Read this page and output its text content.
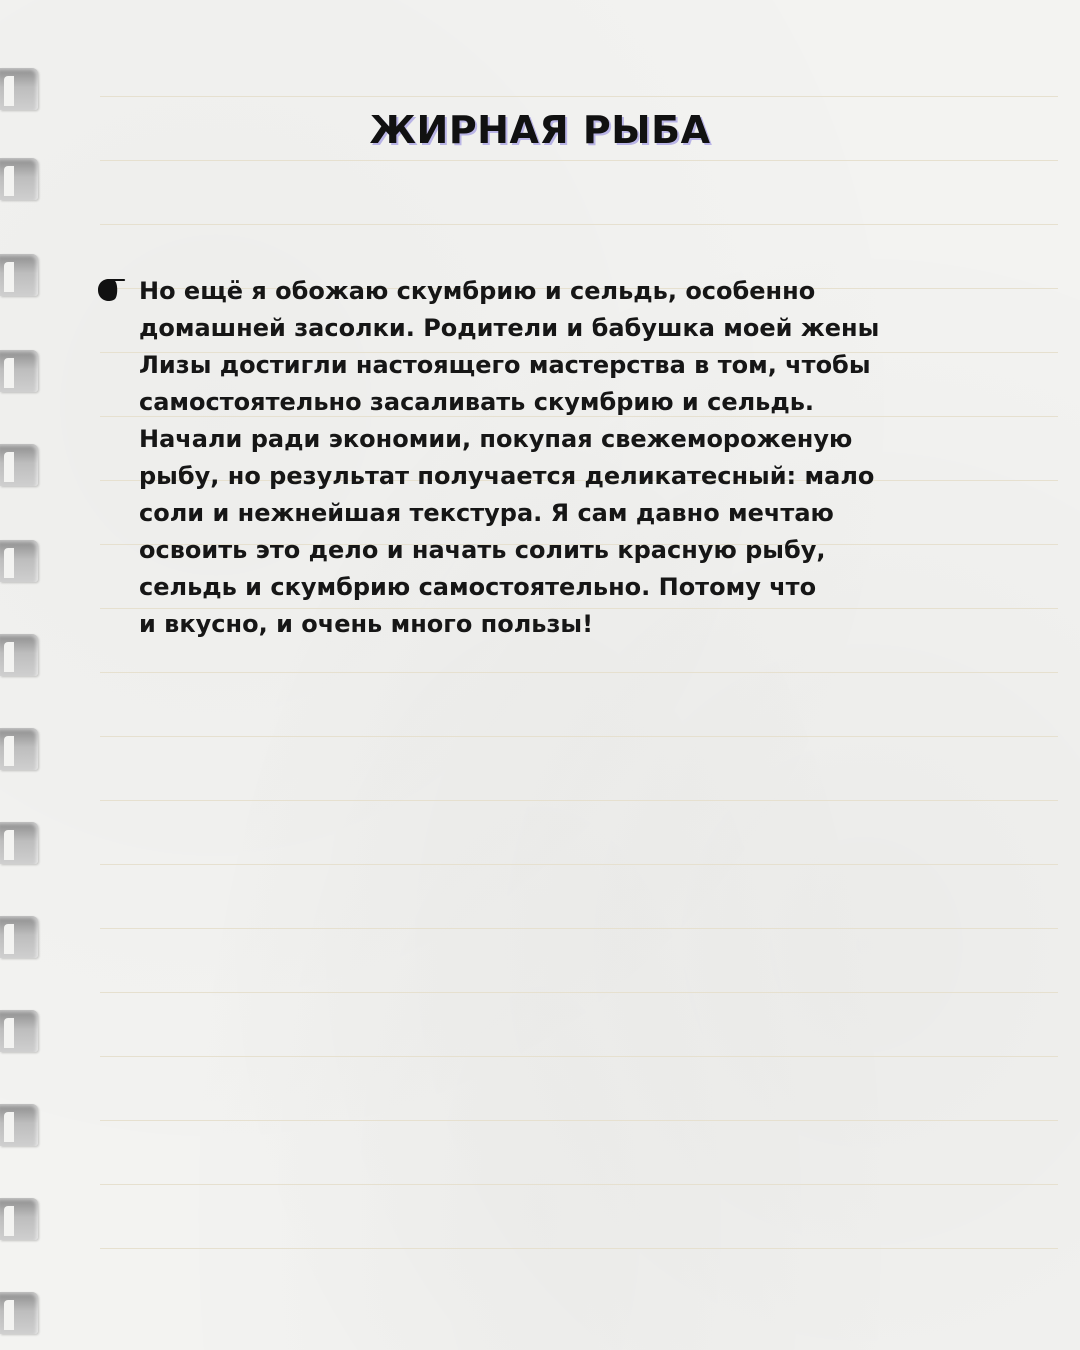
ЖИРНАЯ РЫБА
Но ещё я обожаю скумбрию и сельдь, особенно
домашней засолки. Родители и бабушка моей жены
Лизы достигли настоящего мастерства в том, чтобы
самостоятельно засаливать скумбрию и сельдь.
Начали ради экономии, покупая свежемороженую
рыбу, но результат получается деликатесный: мало
соли и нежнейшая текстура. Я сам давно мечтаю
освоить это дело и начать солить красную рыбу,
сельдь и скумбрию самостоятельно. Потому что
и вкусно, и очень много пользы!
